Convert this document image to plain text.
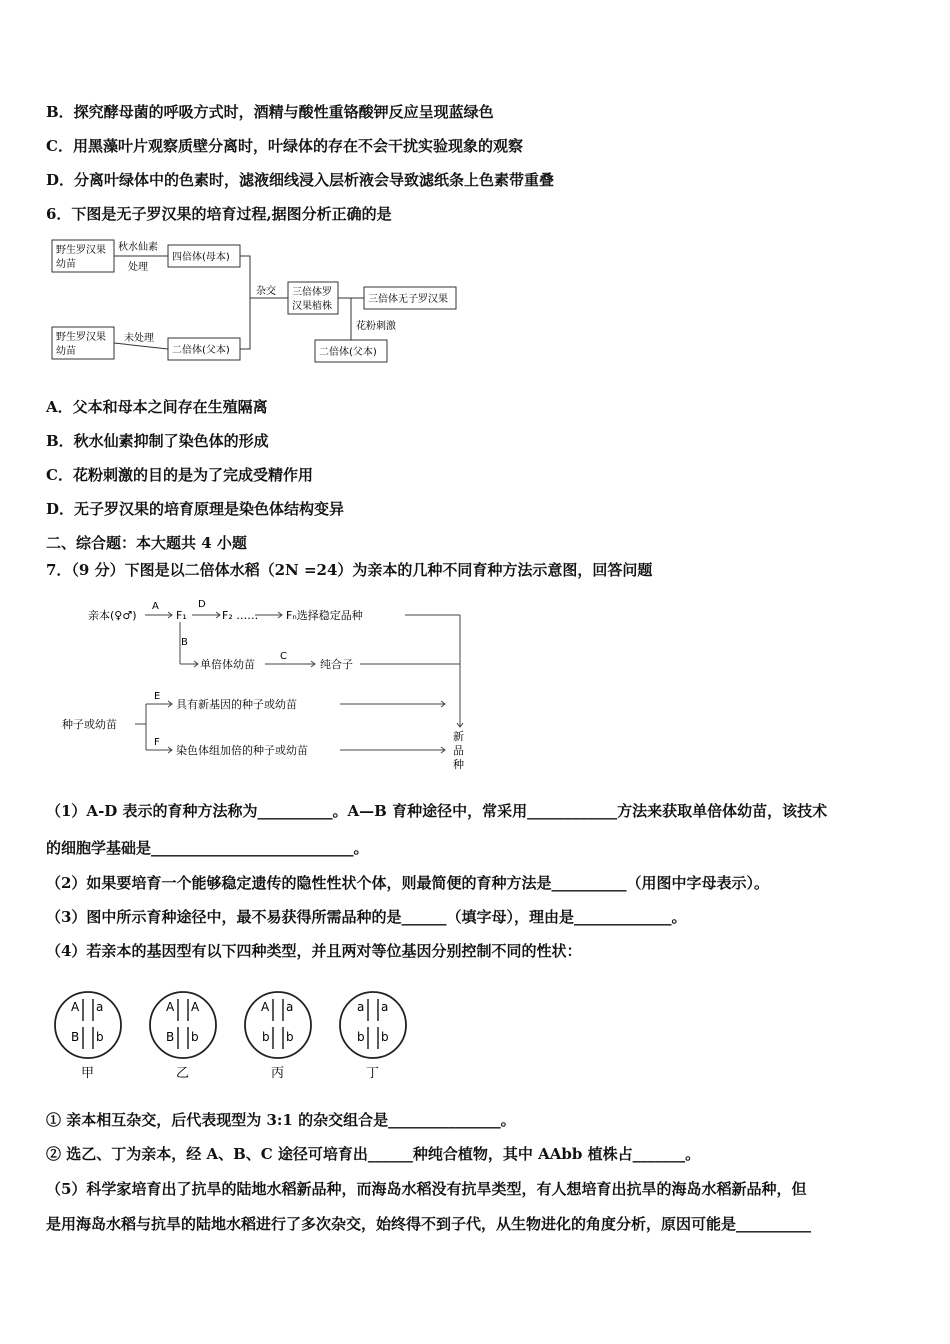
B．探究酵母菌的呼吸方式时，酒精与酸性重铬酸钾反应呈现蓝绿色
C．用黑藻叶片观察质壁分离时，叶绿体的存在不会干扰实验现象的观察
D．分离叶绿体中的色素时，滤液细线浸入层析液会导致滤纸条上色素带重叠
6．下图是无子罗汉果的培育过程,据图分析正确的是
野生罗汉果
幼苗
秋水仙素
处理
四倍体(母本)
杂交 三倍体罗
汉果植株
三倍体无子罗汉果
花粉刺激
野生罗汉果
幼苗
未处理
二倍体(父本)	二倍体(父本)
A．父本和母本之间存在生殖隔离
B．秋水仙素抑制了染色体的形成
C．花粉刺激的目的是为了完成受精作用
D．无子罗汉果的培育原理是染色体结构变异
二、综合题：本大题共 4 小题
7．（9 分）下图是以二倍体水稻（2N =24）为亲本的几种不同育种方法示意图，回答问题
亲本(♀♂)
A
F₁
D
F₂ ……	Fₙ选择稳定品种
B
单倍体幼苗
C
纯合子
种子或幼苗
E
具有新基因的种子或幼苗
F
染色体组加倍的种子或幼苗
新
品
种
（1）A-D 表示的育种方法称为__________。A—B 育种途径中，常采用____________方法来获取单倍体幼苗，该技术
的细胞学基础是___________________________。
（2）如果要培育一个能够稳定遗传的隐性性状个体，则最简便的育种方法是__________（用图中字母表示）。
（3）图中所示育种途径中，最不易获得所需品种的是______（填字母），理由是_____________。
（4）若亲本的基因型有以下四种类型，并且两对等位基因分别控制不同的性状：
A a
B b
A A
B b
A a
b b
a a
b b
甲	乙	丙	丁
① 亲本相互杂交，后代表现型为 3:1 的杂交组合是_______________。
② 选乙、丁为亲本，经 A、B、C 途径可培育出______种纯合植物，其中 AAbb 植株占_______。
（5）科学家培育出了抗旱的陆地水稻新品种，而海岛水稻没有抗旱类型，有人想培育出抗旱的海岛水稻新品种，但
是用海岛水稻与抗旱的陆地水稻进行了多次杂交，始终得不到子代，从生物进化的角度分析，原因可能是__________
